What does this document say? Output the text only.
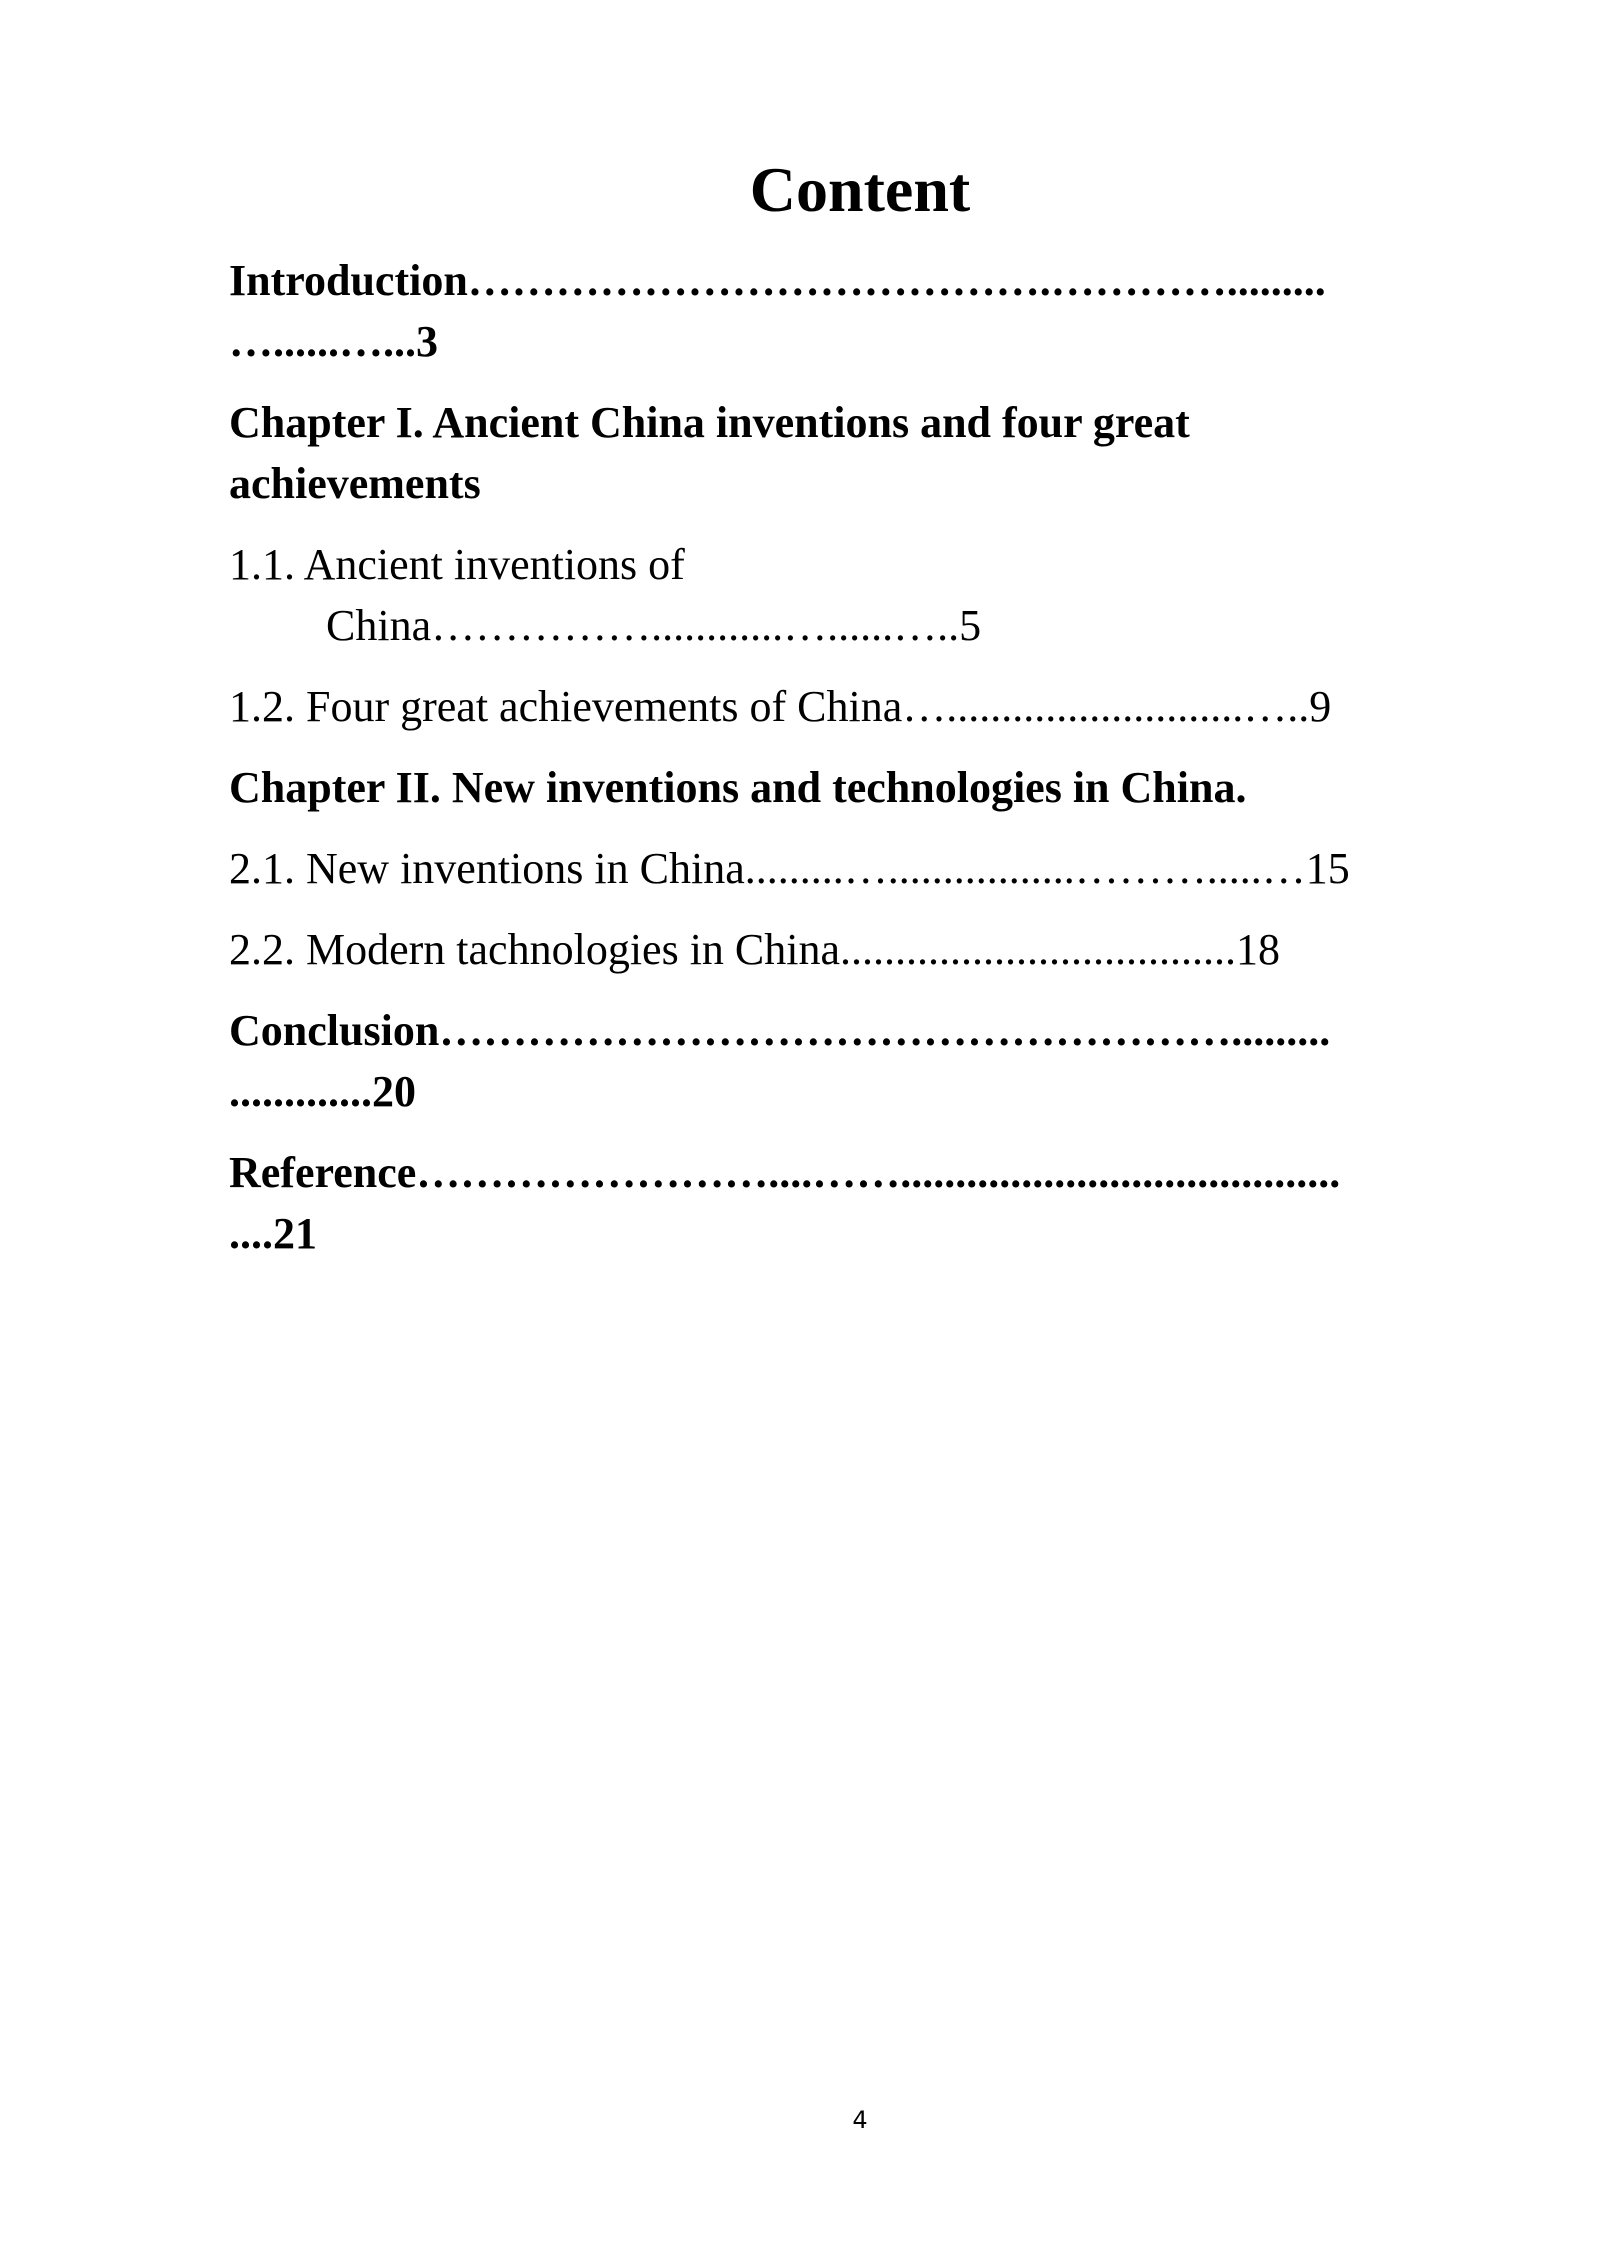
Content
Introduction………………………………….………….........
…......…...3
Chapter I. Ancient China inventions and four great
achievements
1.1. Ancient inventions of
China……………............…......…..5
1.2. Four great achievements of China…...........................…..9
Chapter II. New inventions and technologies in China.
2.1. New inventions in China.........….................……….....…15
2.2. Modern tachnologies in China....................................18
Conclusion……………………………………………….........
.............20
Reference……………………....……........................................
....21
4
